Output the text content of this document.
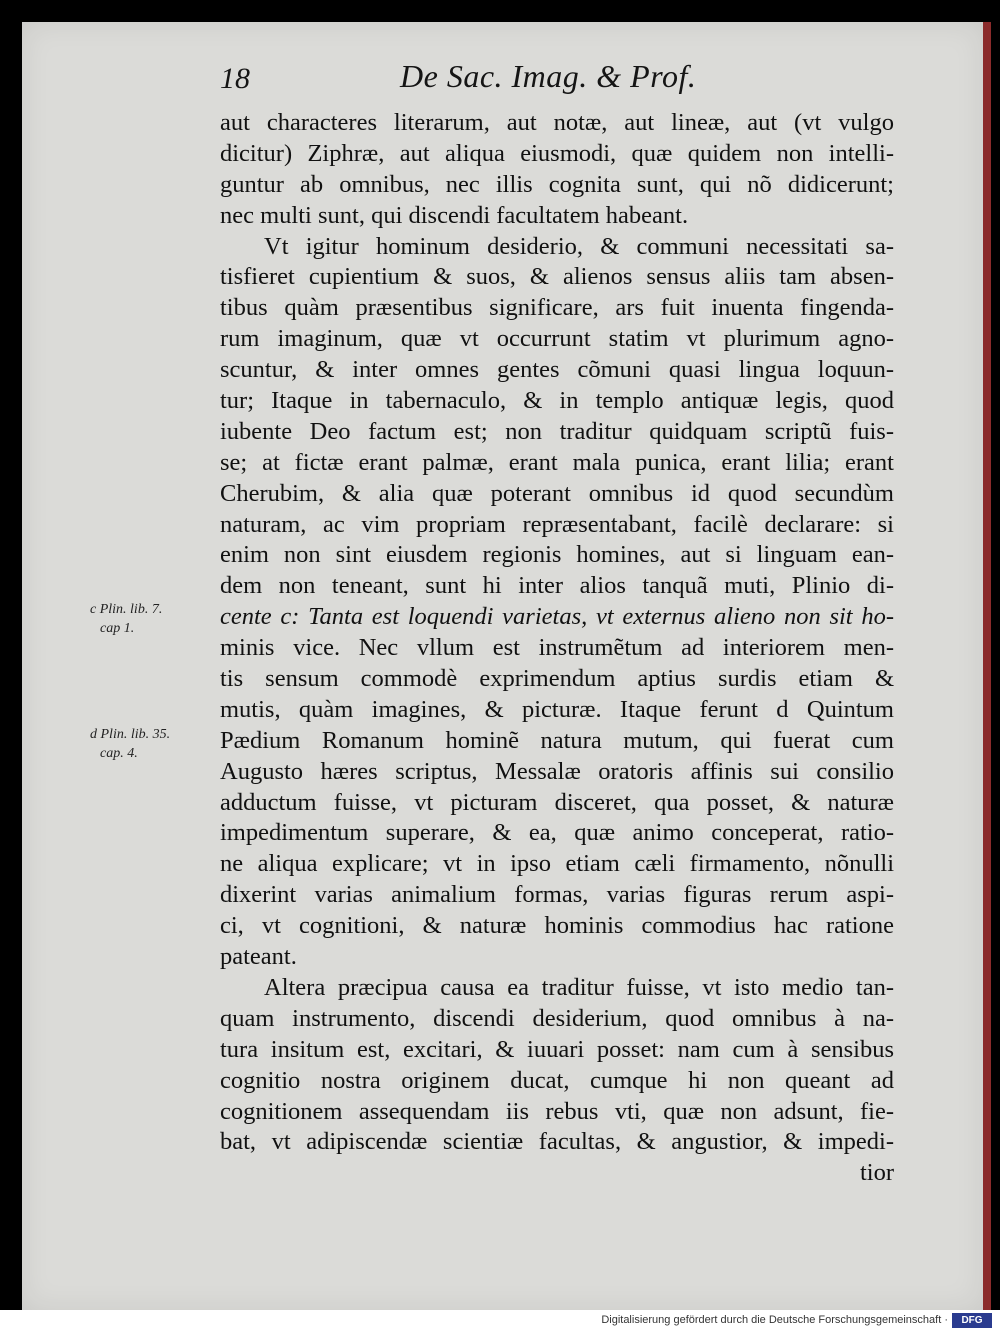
18	De Sac. Imag. & Prof.
c Plin. lib. 7.
cap 1.
d Plin. lib. 35.
cap. 4.
aut characteres literarum, aut notæ, aut lineæ, aut (vt vulgo
dicitur) Ziphræ, aut aliqua eiusmodi, quæ quidem non intelli-
guntur ab omnibus, nec illis cognita sunt, qui nõ didicerunt;
nec multi sunt, qui discendi facultatem habeant.
Vt igitur hominum desiderio, & communi necessitati sa-
tisfieret cupientium & suos, & alienos sensus aliis tam absen-
tibus quàm præsentibus significare, ars fuit inuenta fingenda-
rum imaginum, quæ vt occurrunt statim vt plurimum agno-
scuntur, & inter omnes gentes cõmuni quasi lingua loquun-
tur; Itaque in tabernaculo, & in templo antiquæ legis, quod
iubente Deo factum est; non traditur quidquam scriptũ fuis-
se; at fictæ erant palmæ, erant mala punica, erant lilia; erant
Cherubim, & alia quæ poterant omnibus id quod secundùm
naturam, ac vim propriam repræsentabant, facilè declarare: si
enim non sint eiusdem regionis homines, aut si linguam ean-
dem non teneant, sunt hi inter alios tanquã muti, Plinio di-
cente c: Tanta est loquendi varietas, vt externus alieno non sit ho-
minis vice. Nec vllum est instrumẽtum ad interiorem men-
tis sensum commodè exprimendum aptius surdis etiam &
mutis, quàm imagines, & picturæ. Itaque ferunt d Quintum
Pædium Romanum hominẽ natura mutum, qui fuerat cum
Augusto hæres scriptus, Messalæ oratoris affinis sui consilio
adductum fuisse, vt picturam disceret, qua posset, & naturæ
impedimentum superare, & ea, quæ animo conceperat, ratio-
ne aliqua explicare; vt in ipso etiam cæli firmamento, nõnulli
dixerint varias animalium formas, varias figuras rerum aspi-
ci, vt cognitioni, & naturæ hominis commodius hac ratione
pateant.
Altera præcipua causa ea traditur fuisse, vt isto medio tan-
quam instrumento, discendi desiderium, quod omnibus à na-
tura insitum est, excitari, & iuuari posset: nam cum à sensibus
cognitio nostra originem ducat, cumque hi non queant ad
cognitionem assequendam iis rebus vti, quæ non adsunt, fie-
bat, vt adipiscendæ scientiæ facultas, & angustior, & impedi-
tior
Digitalisierung gefördert durch die Deutsche Forschungsgemeinschaft ·	DFG
